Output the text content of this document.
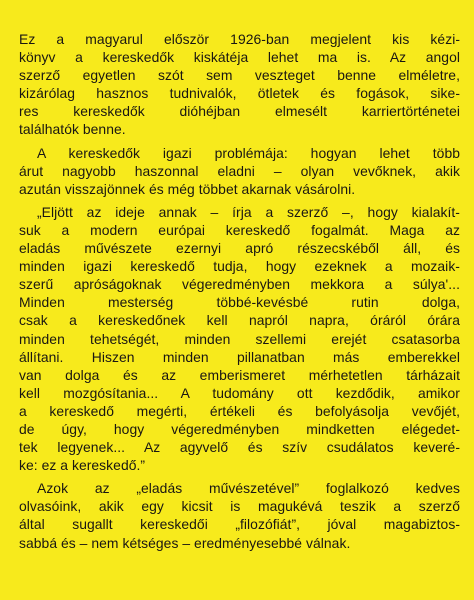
Ez a magyarul először 1926-ban megjelent kis kézi-
könyv a kereskedők kiskátéja lehet ma is. Az angol
szerző egyetlen szót sem veszteget benne elméletre,
kizárólag hasznos tudnivalók, ötletek és fogások, sike-
res kereskedők dióhéjban elmesélt karriertörténetei
találhatók benne.

A kereskedők igazi problémája: hogyan lehet több
árut nagyobb haszonnal eladni – olyan vevőknek, akik
azután visszajönnek és még többet akarnak vásárolni.

„Eljött az ideje annak – írja a szerző –, hogy kialakít-
suk a modern európai kereskedő fogalmát. Maga az
eladás művészete ezernyi apró részecskéből áll, és
minden igazi kereskedő tudja, hogy ezeknek a mozaik-
szerű apróságoknak végeredményben mekkora a súlya'...
Minden mesterség többé-kevésbé rutin dolga,
csak a kereskedőnek kell napról napra, óráról órára
minden tehetségét, minden szellemi erejét csatasorba
állítani. Hiszen minden pillanatban más emberekkel
van dolga és az emberismeret mérhetetlen tárházait
kell mozgósítania... A tudomány ott kezdődik, amikor
a kereskedő megérti, értékeli és befolyásolja vevőjét,
de úgy, hogy végeredményben mindketten elégedet-
tek legyenek... Az agyvelő és szív csudálatos keveré-
ke: ez a kereskedő.”

Azok az „eladás művészetével” foglalkozó kedves
olvasóink, akik egy kicsit is magukévá teszik a szerző
által sugallt kereskedői „filozófiát”, jóval magabiztos-
sabbá és – nem kétséges – eredményesebbé válnak.
